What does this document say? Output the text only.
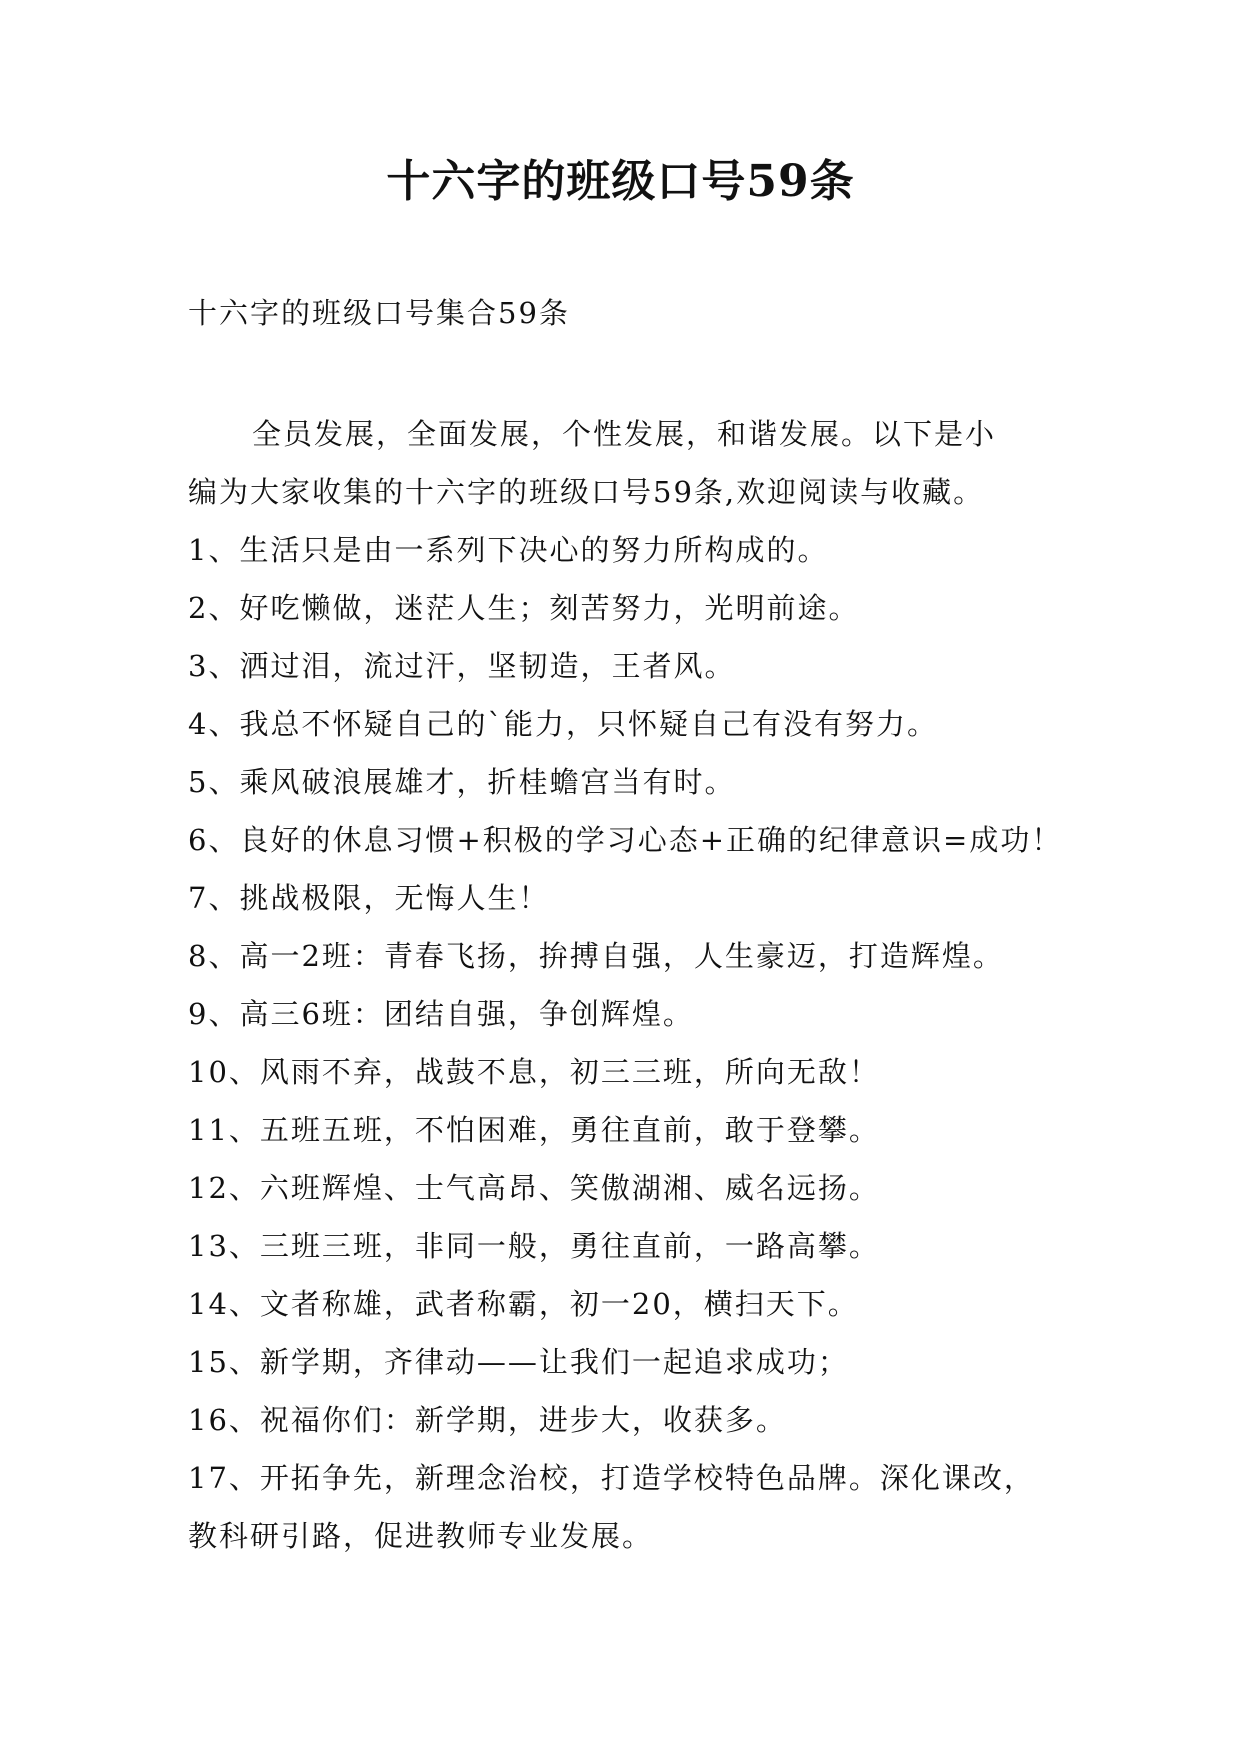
十六字的班级口号59条
十六字的班级口号集合59条
全员发展，全面发展，个性发展，和谐发展。以下是小
编为大家收集的十六字的班级口号59条,欢迎阅读与收藏。
1、生活只是由一系列下决心的努力所构成的。
2、好吃懒做，迷茫人生；刻苦努力，光明前途。
3、洒过泪，流过汗，坚韧造，王者风。
4、我总不怀疑自己的`能力，只怀疑自己有没有努力。
5、乘风破浪展雄才，折桂蟾宫当有时。
6、良好的休息习惯+积极的学习心态+正确的纪律意识=成功！
7、挑战极限，无悔人生！
8、高一2班：青春飞扬，拚搏自强，人生豪迈，打造辉煌。
9、高三6班：团结自强，争创辉煌。
10、风雨不弃，战鼓不息，初三三班，所向无敌！
11、五班五班，不怕困难，勇往直前，敢于登攀。
12、六班辉煌、士气高昂、笑傲湖湘、威名远扬。
13、三班三班，非同一般，勇往直前，一路高攀。
14、文者称雄，武者称霸，初一20，横扫天下。
15、新学期，齐律动——让我们一起追求成功；
16、祝福你们：新学期，进步大，收获多。
17、开拓争先，新理念治校，打造学校特色品牌。深化课改，
教科研引路，促进教师专业发展。
